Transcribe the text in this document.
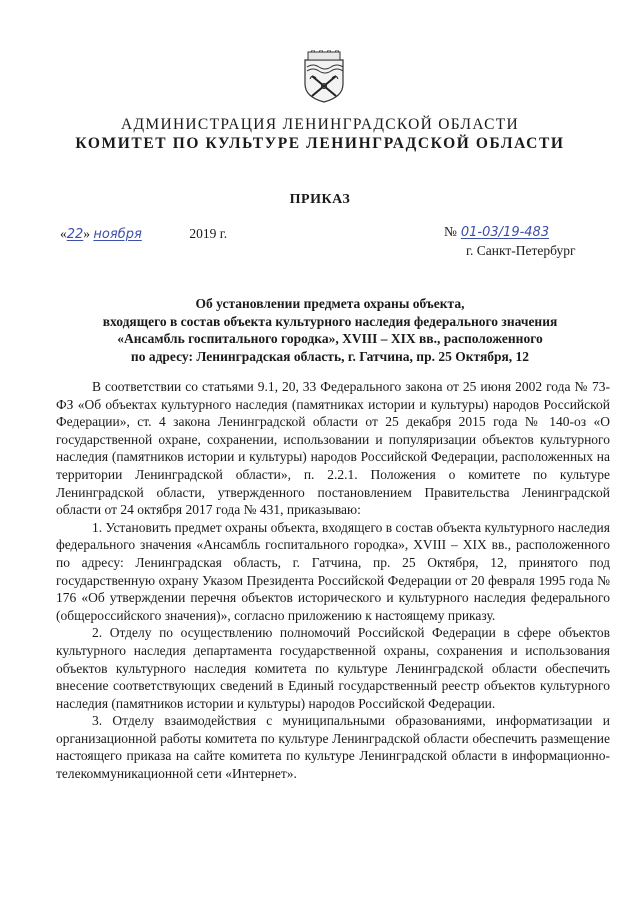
АДМИНИСТРАЦИЯ ЛЕНИНГРАДСКОЙ ОБЛАСТИ
КОМИТЕТ ПО КУЛЬТУРЕ ЛЕНИНГРАДСКОЙ ОБЛАСТИ
ПРИКАЗ
«22» ноября	2019 г.	№ 01-03/19-483
г. Санкт-Петербург
Об установлении предмета охраны объекта,
входящего в состав объекта культурного наследия федерального значения
«Ансамбль госпитального городка», XVIII – XIX вв., расположенного
по адресу: Ленинградская область, г. Гатчина, пр. 25 Октября, 12

В соответствии со статьями 9.1, 20, 33 Федерального закона от 25 июня 2002 года № 73-ФЗ «Об объектах культурного наследия (памятниках истории и культуры) народов Российской Федерации», ст. 4 закона Ленинградской области от 25 декабря 2015 года № 140-оз «О государственной охране, сохранении, использовании и популяризации объектов культурного наследия (памятников истории и культуры) народов Российской Федерации, расположенных на территории Ленинградской области», п. 2.2.1. Положения о комитете по культуре Ленинградской области, утвержденного постановлением Правительства Ленинградской области от 24 октября 2017 года № 431, приказываю:

1. Установить предмет охраны объекта, входящего в состав объекта культурного наследия федерального значения «Ансамбль госпитального городка», XVIII – XIX вв., расположенного по адресу: Ленинградская область, г. Гатчина, пр. 25 Октября, 12, принятого под государственную охрану Указом Президента Российской Федерации от 20 февраля 1995 года № 176 «Об утверждении перечня объектов исторического и культурного наследия федерального (общероссийского значения)», согласно приложению к настоящему приказу.

2. Отделу по осуществлению полномочий Российской Федерации в сфере объектов культурного наследия департамента государственной охраны, сохранения и использования объектов культурного наследия комитета по культуре Ленинградской области обеспечить внесение соответствующих сведений в Единый государственный реестр объектов культурного наследия (памятников истории и культуры) народов Российской Федерации.

3. Отделу взаимодействия с муниципальными образованиями, информатизации и организационной работы комитета по культуре Ленинградской области обеспечить размещение настоящего приказа на сайте комитета по культуре Ленинградской области в информационно-телекоммуникационной сети «Интернет».
